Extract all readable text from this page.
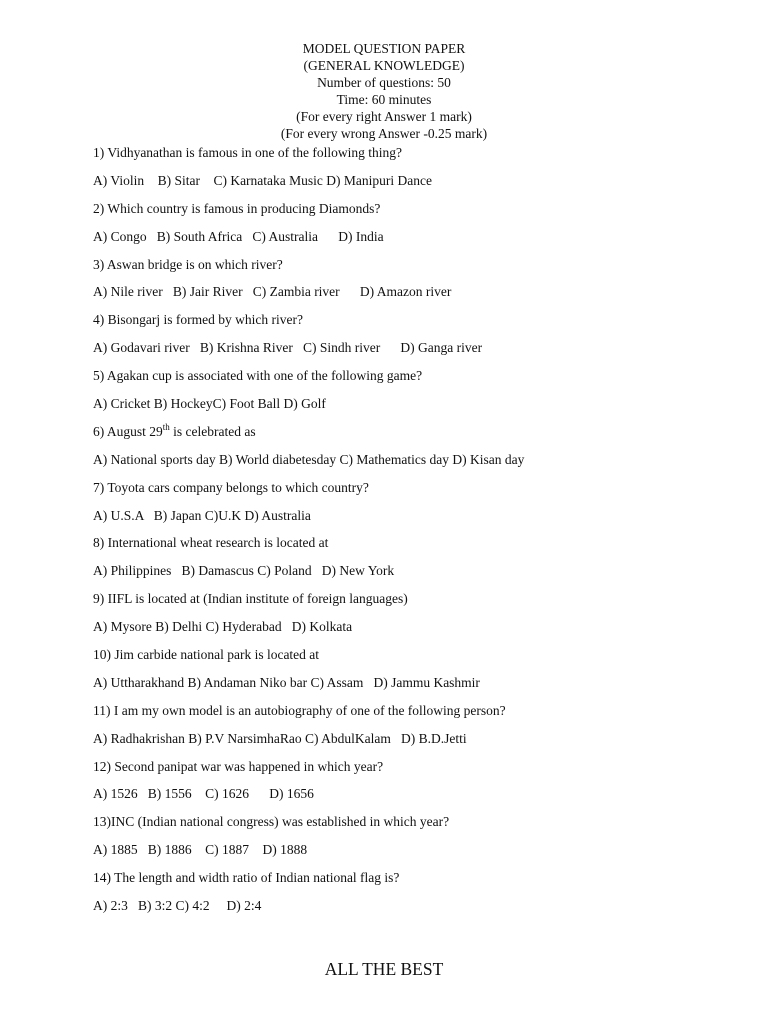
MODEL QUESTION PAPER
(GENERAL KNOWLEDGE)
Number of questions: 50
Time: 60 minutes
(For every right Answer 1 mark)
(For every wrong Answer -0.25 mark)
1) Vidhyanathan is famous in one of the following thing?
A) Violin    B) Sitar    C) Karnataka Music D) Manipuri Dance
2) Which country is famous in producing Diamonds?
A) Congo   B) South Africa   C) Australia      D) India
3) Aswan bridge is on which river?
A) Nile river   B) Jair River   C) Zambia river      D) Amazon river
4) Bisongarj is formed by which river?
A) Godavari river   B) Krishna River   C) Sindh river      D) Ganga river
5) Agakan cup is associated with one of the following game?
A) Cricket B) HockeyC) Foot Ball D) Golf
6) August 29th is celebrated as
A) National sports day B) World diabetesday C) Mathematics day D) Kisan day
7) Toyota cars company belongs to which country?
A) U.S.A   B) Japan C)U.K D) Australia
8) International wheat research is located at
A) Philippines   B) Damascus C) Poland   D) New York
9) IIFL is located at (Indian institute of foreign languages)
A) Mysore B) Delhi C) Hyderabad   D) Kolkata
10) Jim carbide national park is located at
A) Uttharakhand B) Andaman Niko bar C) Assam   D) Jammu Kashmir
11) I am my own model is an autobiography of one of the following person?
A) Radhakrishan B) P.V NarsimhaRao C) AbdulKalam   D) B.D.Jetti
12) Second panipat war was happened in which year?
A) 1526   B) 1556    C) 1626      D) 1656
13)INC (Indian national congress) was established in which year?
A) 1885   B) 1886    C) 1887    D) 1888
14) The length and width ratio of Indian national flag is?
A) 2:3   B) 3:2 C) 4:2     D) 2:4
ALL THE BEST
